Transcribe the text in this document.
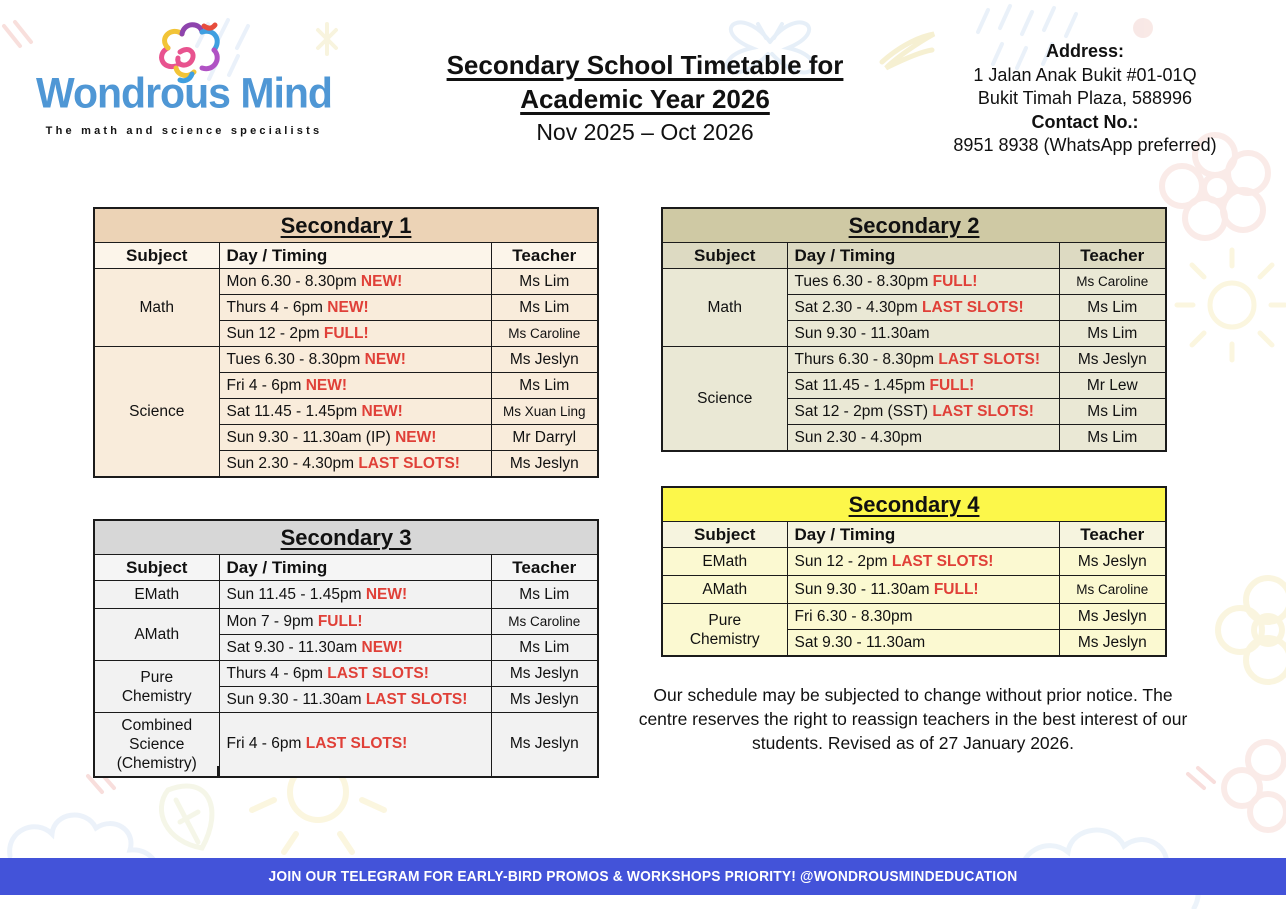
Wondrous Mind
The math and science specialists
Secondary School Timetable for
Academic Year 2026
Nov 2025 – Oct 2026
Address:
1 Jalan Anak Bukit #01-01Q
Bukit Timah Plaza, 588996
Contact No.:
8951 8938 (WhatsApp preferred)
Secondary 1		
Subject	Day / Timing	Teacher
Math	Mon 6.30 - 8.30pm NEW!	Ms Lim
	Thurs 4 - 6pm NEW!	Ms Lim
	Sun 12 - 2pm FULL!	Ms Caroline
Science	Tues 6.30 - 8.30pm NEW!	Ms Jeslyn
	Fri 4 - 6pm NEW!	Ms Lim
	Sat 11.45 - 1.45pm NEW!	Ms Xuan Ling
	Sun 9.30 - 11.30am (IP) NEW!	Mr Darryl
	Sun 2.30 - 4.30pm LAST SLOTS!	Ms Jeslyn
Secondary 2		
Subject	Day / Timing	Teacher
Math	Tues 6.30 - 8.30pm FULL!	Ms Caroline
	Sat 2.30 - 4.30pm LAST SLOTS!	Ms Lim
	Sun 9.30 - 11.30am	Ms Lim
Science	Thurs 6.30 - 8.30pm LAST SLOTS!	Ms Jeslyn
	Sat 11.45 - 1.45pm FULL!	Mr Lew
	Sat 12 - 2pm (SST) LAST SLOTS!	Ms Lim
	Sun 2.30 - 4.30pm	Ms Lim
Secondary 3		
Subject	Day / Timing	Teacher
EMath	Sun 11.45 - 1.45pm NEW!	Ms Lim
AMath	Mon 7 - 9pm FULL!	Ms Caroline
	Sat 9.30 - 11.30am NEW!	Ms Lim
Pure Chemistry	Thurs 4 - 6pm LAST SLOTS!	Ms Jeslyn
	Sun 9.30 - 11.30am LAST SLOTS!	Ms Jeslyn
Combined Science (Chemistry)	Fri 4 - 6pm LAST SLOTS!	Ms Jeslyn
Secondary 4		
Subject	Day / Timing	Teacher
EMath	Sun 12 - 2pm LAST SLOTS!	Ms Jeslyn
AMath	Sun 9.30 - 11.30am FULL!	Ms Caroline
Pure Chemistry	Fri 6.30 - 8.30pm	Ms Jeslyn
	Sat 9.30 - 11.30am	Ms Jeslyn
Our schedule may be subjected to change without prior notice. The centre reserves the right to reassign teachers in the best interest of our students. Revised as of 27 January 2026.
JOIN OUR TELEGRAM FOR EARLY-BIRD PROMOS & WORKSHOPS PRIORITY! @WONDROUSMINDEDUCATION
